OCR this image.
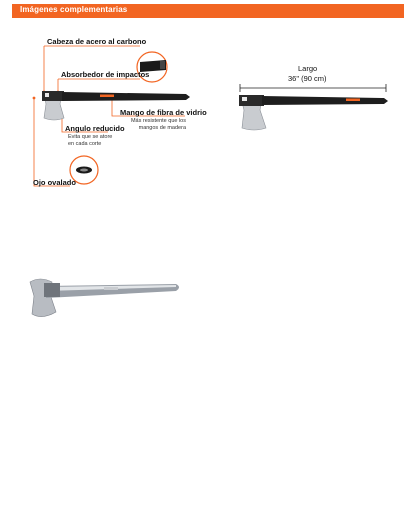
Imágenes complementarias
Cabeza de acero al carbono
Absorbedor de impactos
Mango de fibra de vidrio
Más resistente que los
mangos de madera
Angulo reducido
Evita que se atore
en cada corte
Ojo ovalado
Largo
36" (90 cm)
